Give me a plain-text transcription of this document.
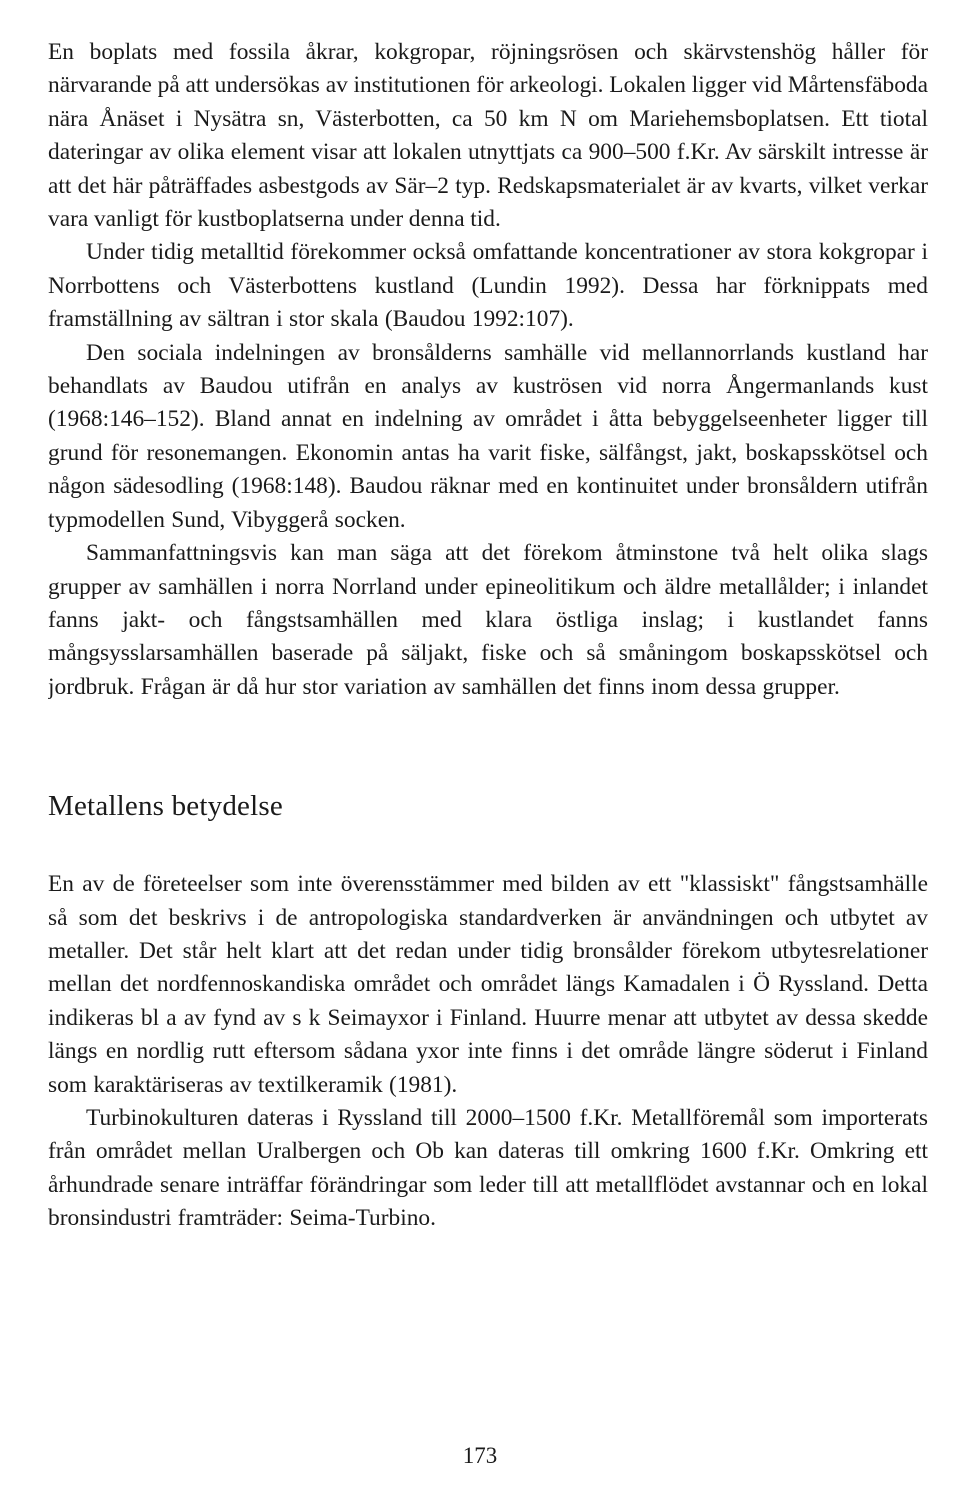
En boplats med fossila åkrar, kokgropar, röjningsrösen och skärvstenshög håller för närvarande på att undersökas av institutionen för arkeologi. Lokalen ligger vid Mårtensfäboda nära Ånäset i Nysätra sn, Västerbotten, ca 50 km N om Mariehemsboplatsen. Ett tiotal dateringar av olika element visar att lokalen utnyttjats ca 900–500 f.Kr. Av särskilt intresse är att det här påträffades asbestgods av Sär–2 typ. Redskapsmaterialet är av kvarts, vilket verkar vara vanligt för kustboplatserna under denna tid.

Under tidig metalltid förekommer också omfattande koncentrationer av stora kokgropar i Norrbottens och Västerbottens kustland (Lundin 1992). Dessa har förknippats med framställning av sältran i stor skala (Baudou 1992:107).

Den sociala indelningen av bronsålderns samhälle vid mellannorrlands kustland har behandlats av Baudou utifrån en analys av kuströsen vid norra Ångermanlands kust (1968:146–152). Bland annat en indelning av området i åtta bebyggelseenheter ligger till grund för resonemangen. Ekonomin antas ha varit fiske, sälfångst, jakt, boskapsskötsel och någon sädesodling (1968:148). Baudou räknar med en kontinuitet under bronsåldern utifrån typmodellen Sund, Vibyggerå socken.

Sammanfattningsvis kan man säga att det förekom åtminstone två helt olika slags grupper av samhällen i norra Norrland under epineolitikum och äldre metallålder; i inlandet fanns jakt- och fångstsamhällen med klara östliga inslag; i kustlandet fanns mångsysslarsamhällen baserade på säljakt, fiske och så småningom boskapsskötsel och jordbruk. Frågan är då hur stor variation av samhällen det finns inom dessa grupper.

Metallens betydelse

En av de företeelser som inte överensstämmer med bilden av ett "klassiskt" fångstsamhälle så som det beskrivs i de antropologiska standardverken är användningen och utbytet av metaller. Det står helt klart att det redan under tidig bronsålder förekom utbytesrelationer mellan det nordfennoskandiska området och området längs Kamadalen i Ö Ryssland. Detta indikeras bl a av fynd av s k Seimayxor i Finland. Huurre menar att utbytet av dessa skedde längs en nordlig rutt eftersom sådana yxor inte finns i det område längre söderut i Finland som karaktäriseras av textilkeramik (1981).

Turbinokulturen dateras i Ryssland till 2000–1500 f.Kr. Metallföremål som importerats från området mellan Uralbergen och Ob kan dateras till omkring 1600 f.Kr. Omkring ett århundrade senare inträffar förändringar som leder till att metallflödet avstannar och en lokal bronsindustri framträder: Seima-Turbino.

173
